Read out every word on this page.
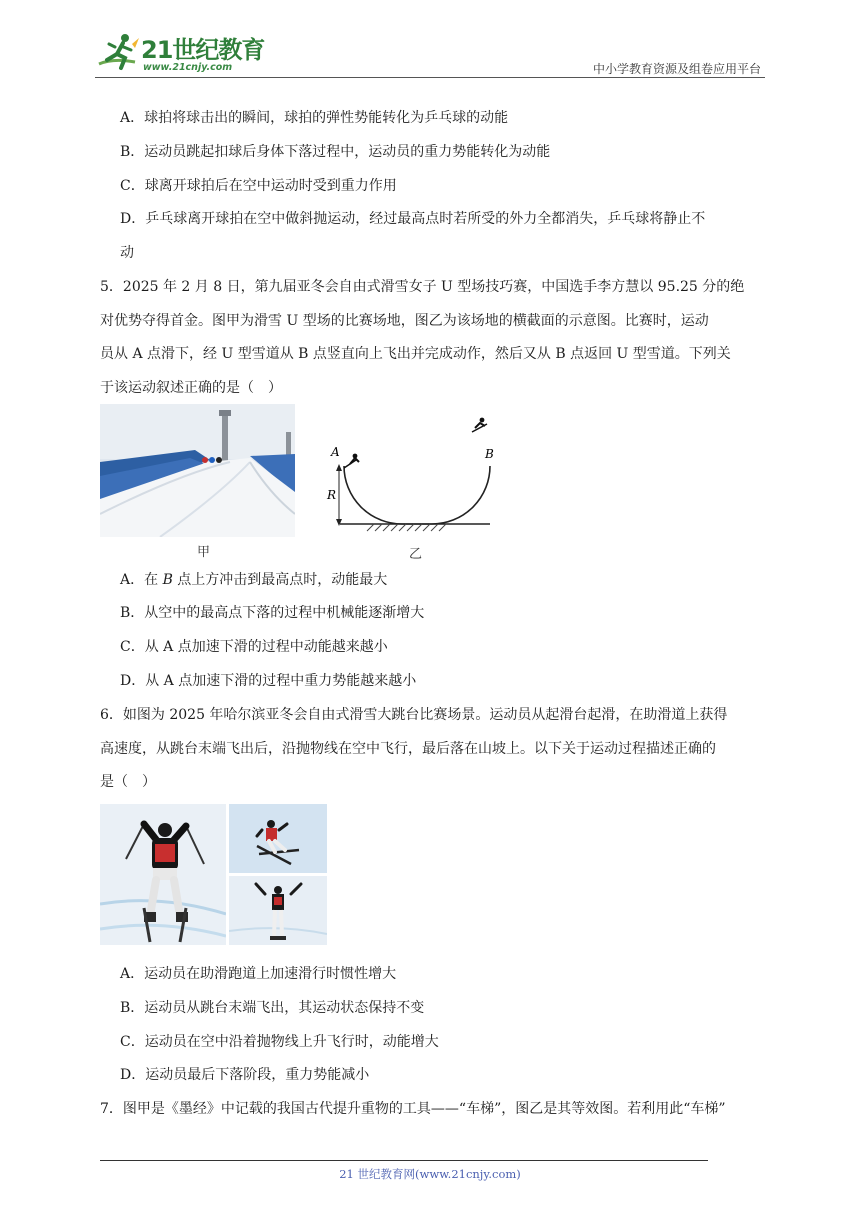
21世纪教育
www.21cnjy.com	中小学教育资源及组卷应用平台
A．球拍将球击出的瞬间，球拍的弹性势能转化为乒乓球的动能
B．运动员跳起扣球后身体下落过程中，运动员的重力势能转化为动能
C．球离开球拍后在空中运动时受到重力作用
D．乒乓球离开球拍在空中做斜抛运动，经过最高点时若所受的外力全都消失，乒乓球将静止不
动
5．2025 年 2 月 8 日，第九届亚冬会自由式滑雪女子 U 型场技巧赛，中国选手李方慧以 95.25 分的绝
对优势夺得首金。图甲为滑雪 U 型场的比赛场地，图乙为该场地的横截面的示意图。比赛时，运动
员从 A 点滑下，经 U 型雪道从 B 点竖直向上飞出并完成动作，然后又从 B 点返回 U 型雪道。下列关
于该运动叙述正确的是（　）
甲
A	B
R
乙
A．在 B 点上方冲击到最高点时，动能最大
B．从空中的最高点下落的过程中机械能逐渐增大
C．从 A 点加速下滑的过程中动能越来越小
D．从 A 点加速下滑的过程中重力势能越来越小
6．如图为 2025 年哈尔滨亚冬会自由式滑雪大跳台比赛场景。运动员从起滑台起滑，在助滑道上获得
高速度，从跳台末端飞出后，沿抛物线在空中飞行，最后落在山坡上。以下关于运动过程描述正确的
是（　）
A．运动员在助滑跑道上加速滑行时惯性增大
B．运动员从跳台末端飞出，其运动状态保持不变
C．运动员在空中沿着抛物线上升飞行时，动能增大
D．运动员最后下落阶段，重力势能减小
7．图甲是《墨经》中记载的我国古代提升重物的工具——“车梯”，图乙是其等效图。若利用此“车梯”
21 世纪教育网(www.21cnjy.com)
